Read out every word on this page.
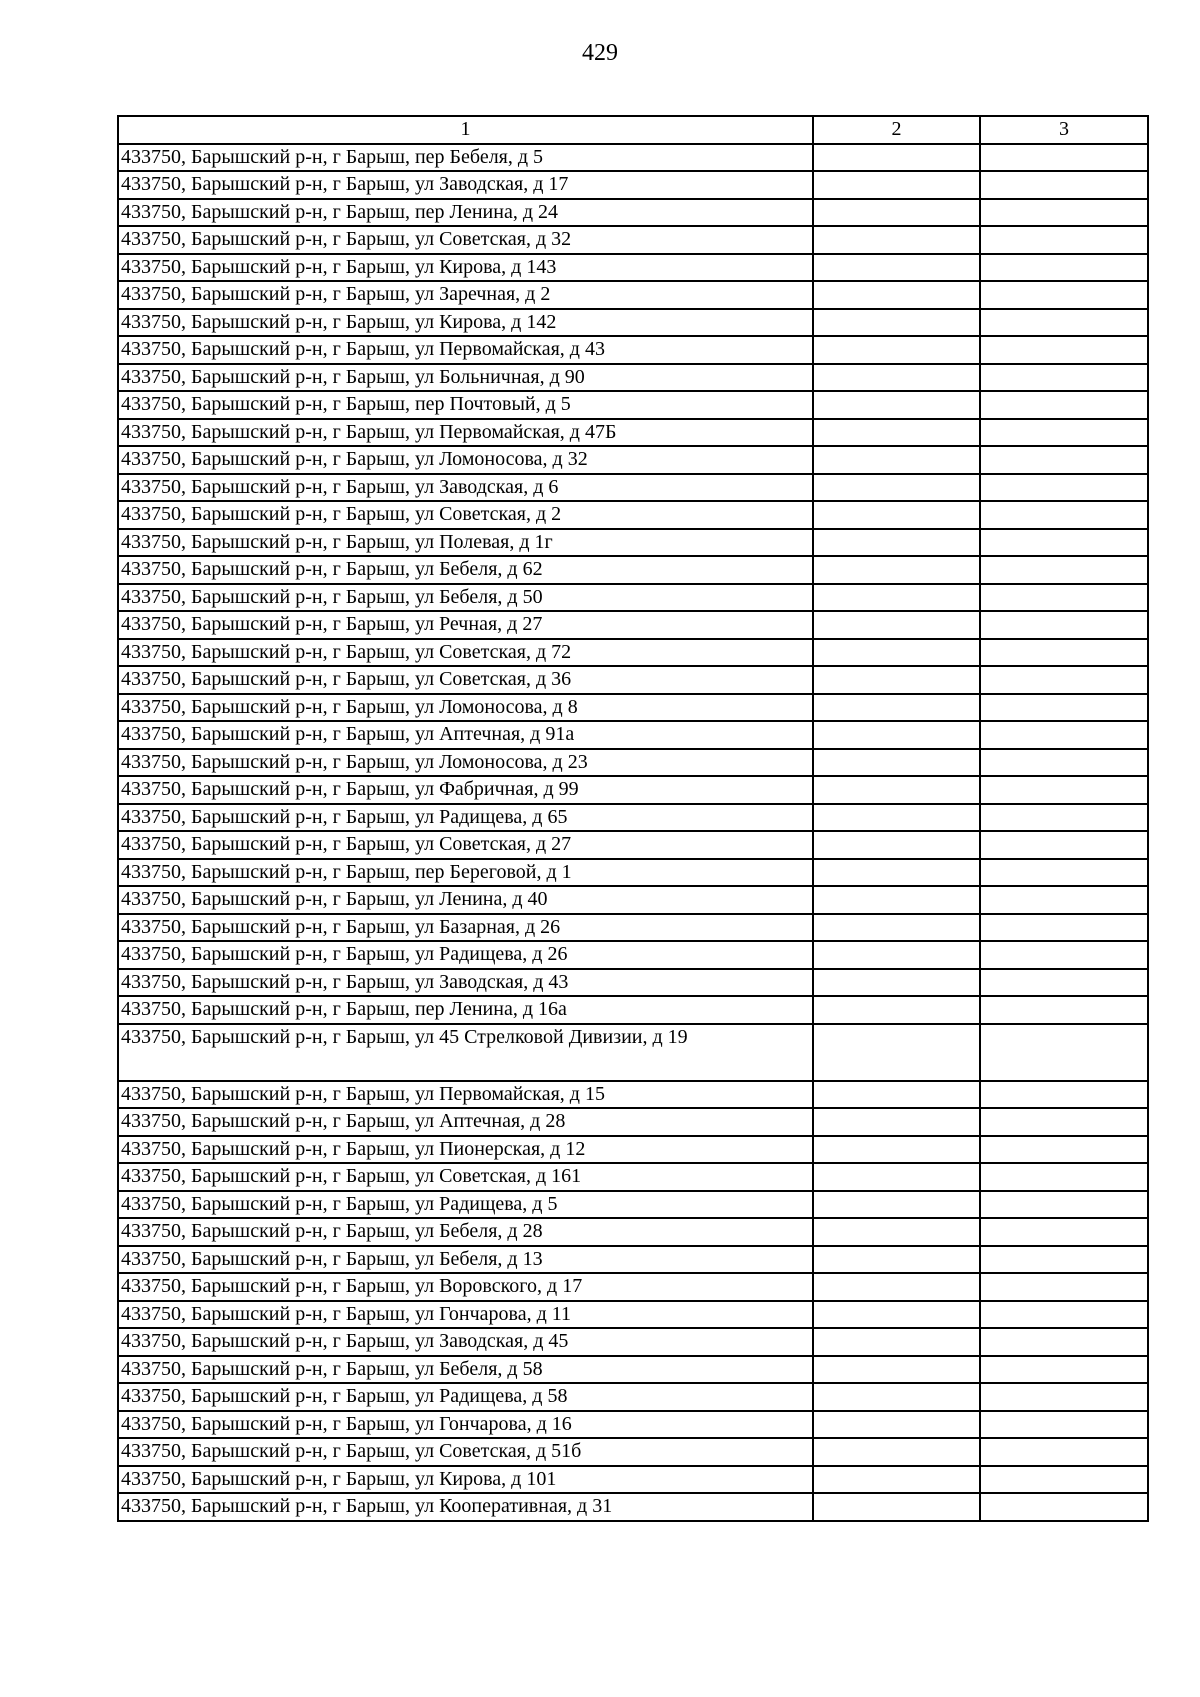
429
1	2	3
433750, Барышский р-н, г Барыш, пер Бебеля, д 5		
433750, Барышский р-н, г Барыш, ул Заводская, д 17		
433750, Барышский р-н, г Барыш, пер Ленина, д 24		
433750, Барышский р-н, г Барыш, ул Советская, д 32		
433750, Барышский р-н, г Барыш, ул Кирова, д 143		
433750, Барышский р-н, г Барыш, ул Заречная, д 2		
433750, Барышский р-н, г Барыш, ул Кирова, д 142		
433750, Барышский р-н, г Барыш, ул Первомайская, д 43		
433750, Барышский р-н, г Барыш, ул Больничная, д 90		
433750, Барышский р-н, г Барыш, пер Почтовый, д 5		
433750, Барышский р-н, г Барыш, ул Первомайская, д 47Б		
433750, Барышский р-н, г Барыш, ул Ломоносова, д 32		
433750, Барышский р-н, г Барыш, ул Заводская, д 6		
433750, Барышский р-н, г Барыш, ул Советская, д 2		
433750, Барышский р-н, г Барыш, ул Полевая, д 1г		
433750, Барышский р-н, г Барыш, ул Бебеля, д 62		
433750, Барышский р-н, г Барыш, ул Бебеля, д 50		
433750, Барышский р-н, г Барыш, ул Речная, д 27		
433750, Барышский р-н, г Барыш, ул Советская, д 72		
433750, Барышский р-н, г Барыш, ул Советская, д 36		
433750, Барышский р-н, г Барыш, ул Ломоносова, д 8		
433750, Барышский р-н, г Барыш, ул Аптечная, д 91а		
433750, Барышский р-н, г Барыш, ул Ломоносова, д 23		
433750, Барышский р-н, г Барыш, ул Фабричная, д 99		
433750, Барышский р-н, г Барыш, ул Радищева, д 65		
433750, Барышский р-н, г Барыш, ул Советская, д 27		
433750, Барышский р-н, г Барыш, пер Береговой, д 1		
433750, Барышский р-н, г Барыш, ул Ленина, д 40		
433750, Барышский р-н, г Барыш, ул Базарная, д 26		
433750, Барышский р-н, г Барыш, ул Радищева, д 26		
433750, Барышский р-н, г Барыш, ул Заводская, д 43		
433750, Барышский р-н, г Барыш, пер Ленина, д 16а		
433750, Барышский р-н, г Барыш, ул 45 Стрелковой Дивизии, д 19		
433750, Барышский р-н, г Барыш, ул Первомайская, д 15		
433750, Барышский р-н, г Барыш, ул Аптечная, д 28		
433750, Барышский р-н, г Барыш, ул Пионерская, д 12		
433750, Барышский р-н, г Барыш, ул Советская, д 161		
433750, Барышский р-н, г Барыш, ул Радищева, д 5		
433750, Барышский р-н, г Барыш, ул Бебеля, д 28		
433750, Барышский р-н, г Барыш, ул Бебеля, д 13		
433750, Барышский р-н, г Барыш, ул Воровского, д 17		
433750, Барышский р-н, г Барыш, ул Гончарова, д 11		
433750, Барышский р-н, г Барыш, ул Заводская, д 45		
433750, Барышский р-н, г Барыш, ул Бебеля, д 58		
433750, Барышский р-н, г Барыш, ул Радищева, д 58		
433750, Барышский р-н, г Барыш, ул Гончарова, д 16		
433750, Барышский р-н, г Барыш, ул Советская, д 51б		
433750, Барышский р-н, г Барыш, ул Кирова, д 101		
433750, Барышский р-н, г Барыш, ул Кооперативная, д 31		
